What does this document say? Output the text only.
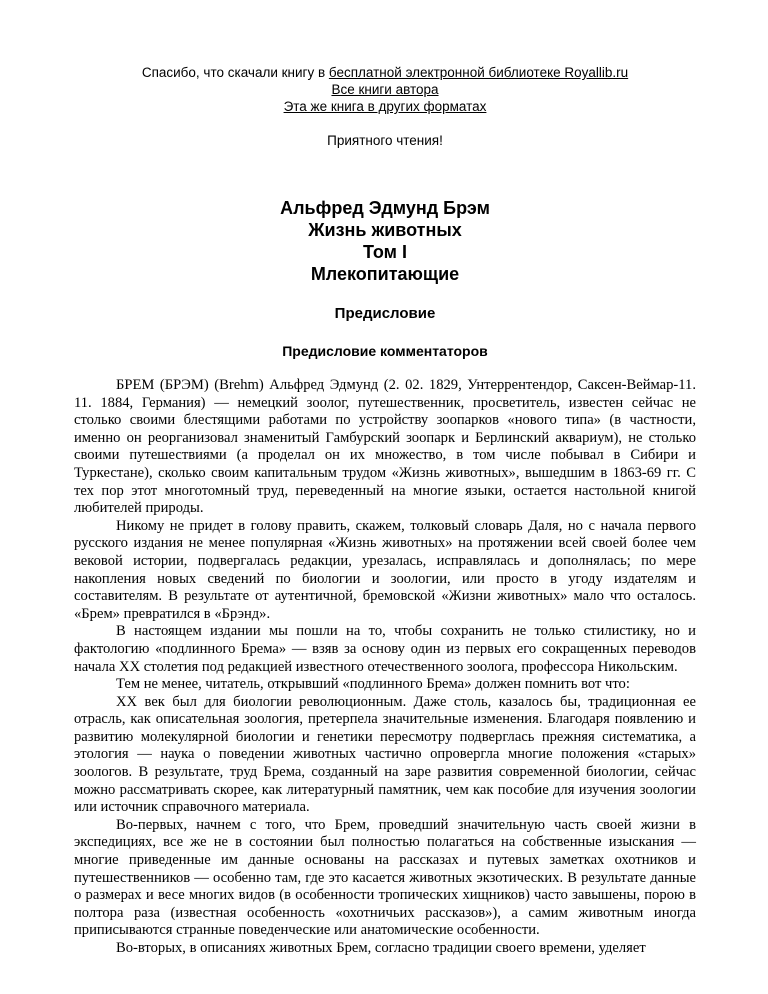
Спасибо, что скачали книгу в бесплатной электронной библиотеке Royallib.ru
Все книги автора
Эта же книга в других форматах
Приятного чтения!
Альфред Эдмунд Брэм
Жизнь животных
Том I
Млекопитающие
Предисловие
Предисловие комментаторов

БРЕМ (БРЭМ) (Brehm) Альфред Эдмунд (2. 02. 1829, Унтеррентендор, Саксен-Веймар-11. 11. 1884, Германия) — немецкий зоолог, путешественник, просветитель, известен сейчас не столько своими блестящими работами по устройству зоопарков «нового типа» (в частности, именно он реорганизовал знаменитый Гамбурский зоопарк и Берлинский аквариум), не столько своими путешествиями (а проделал он их множество, в том числе побывал в Сибири и Туркестане), сколько своим капитальным трудом «Жизнь животных», вышедшим в 1863-69 гг. С тех пор этот многотомный труд, переведенный на многие языки, остается настольной книгой любителей природы.

Никому не придет в голову править, скажем, толковый словарь Даля, но с начала первого русского издания не менее популярная «Жизнь животных» на протяжении всей своей более чем вековой истории, подвергалась редакции, урезалась, исправлялась и дополнялась; по мере накопления новых сведений по биологии и зоологии, или просто в угоду издателям и составителям. В результате от аутентичной, бремовской «Жизни животных» мало что осталось. «Брем» превратился в «Брэнд».

В настоящем издании мы пошли на то, чтобы сохранить не только стилистику, но и фактологию «подлинного Брема» — взяв за основу один из первых его сокращенных переводов начала XX столетия под редакцией известного отечественного зоолога, профессора Никольским.

Тем не менее, читатель, открывший «подлинного Брема» должен помнить вот что:

XX век был для биологии революционным. Даже столь, казалось бы, традиционная ее отрасль, как описательная зоология, претерпела значительные изменения. Благодаря появлению и развитию молекулярной биологии и генетики пересмотру подверглась прежняя систематика, а этология — наука о поведении животных частично опровергла многие положения «старых» зоологов. В результате, труд Брема, созданный на заре развития современной биологии, сейчас можно рассматривать скорее, как литературный памятник, чем как пособие для изучения зоологии или источник справочного материала.

Во-первых, начнем с того, что Брем, проведший значительную часть своей жизни в экспедициях, все же не в состоянии был полностью полагаться на собственные изыскания — многие приведенные им данные основаны на рассказах и путевых заметках охотников и путешественников — особенно там, где это касается животных экзотических. В результате данные о размерах и весе многих видов (в особенности тропических хищников) часто завышены, порою в полтора раза (известная особенность «охотничьих рассказов»), а самим животным иногда приписываются странные поведенческие или анатомические особенности.

Во-вторых, в описаниях животных Брем, согласно традиции своего времени, уделяет
